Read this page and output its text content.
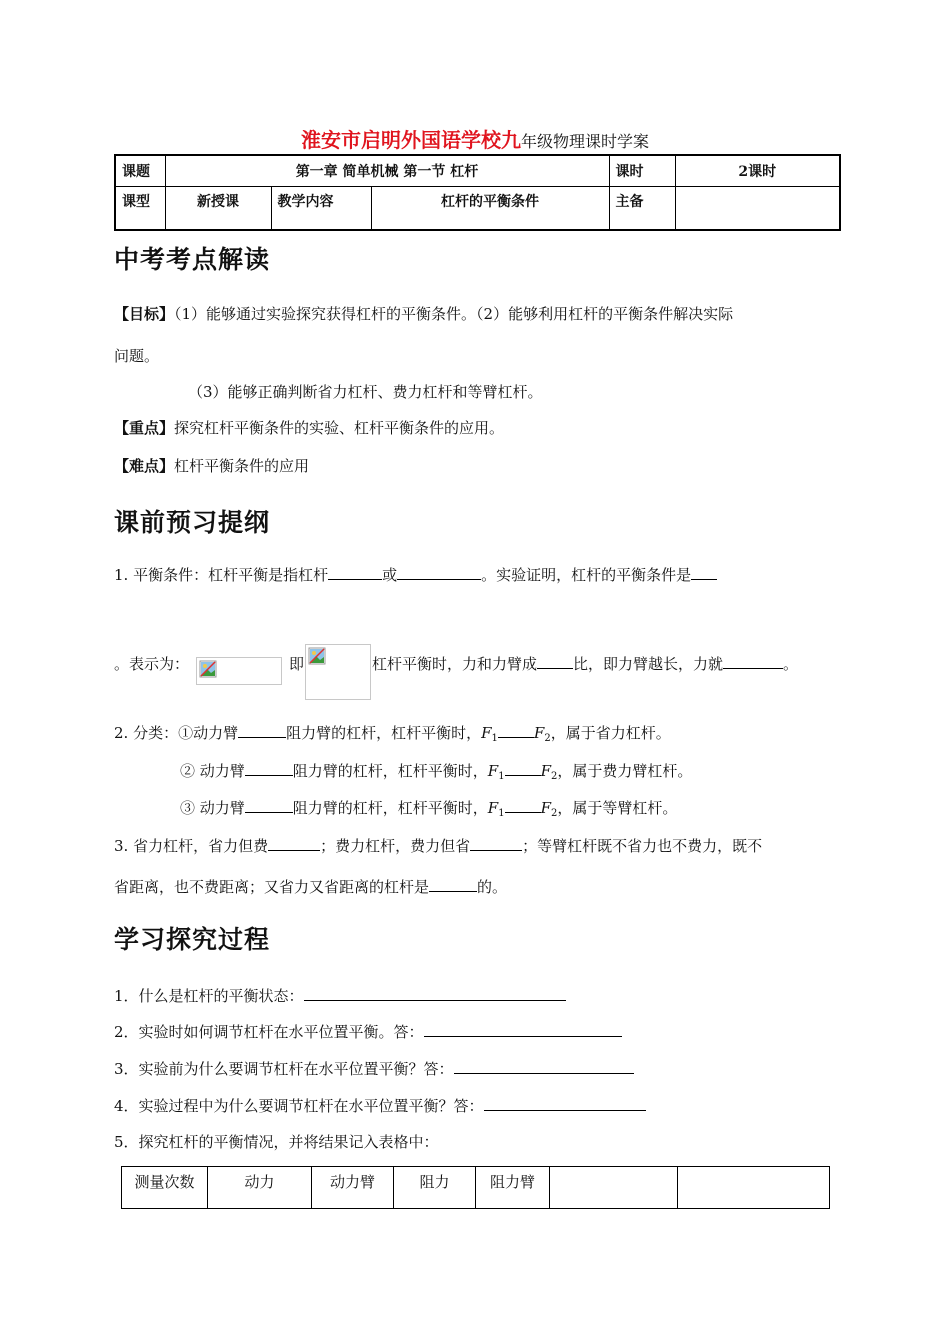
淮安市启明外国语学校九年级物理课时学案
课题	第一章 简单机械 第一节 杠杆			课时	2课时
课型	新授课	教学内容	杠杆的平衡条件	主备	
中考考点解读
【目标】（1）能够通过实验探究获得杠杆的平衡条件。（2）能够利用杠杆的平衡条件解决实际
问题。
（3）能够正确判断省力杠杆、费力杠杆和等臂杠杆。
【重点】探究杠杆平衡条件的实验、杠杆平衡条件的应用。
【难点】杠杆平衡条件的应用
课前预习提纲
1. 平衡条件：杠杆平衡是指杠杆	或	。实验证明，杠杆的平衡条件是
。表示为：	即	杠杆平衡时，力和力臂成 比，即力臂越长，力就	。
2. 分类：①动力臂	阻力臂的杠杆，杠杆平衡时，$F_1$ $F_2$，属于省力杠杆。
② 动力臂	阻力臂的杠杆，杠杆平衡时，$F_1$ $F_2$，属于费力臂杠杆。
③ 动力臂	阻力臂的杠杆，杠杆平衡时，$F_1$ $F_2$，属于等臂杠杆。
3. 省力杠杆，省力但费	；费力杠杆，费力但省	；等臂杠杆既不省力也不费力，既不
省距离，也不费距离；又省力又省距离的杠杆是	的。
学习探究过程
1．什么是杠杆的平衡状态：
2．实验时如何调节杠杆在水平位置平衡。答：
3．实验前为什么要调节杠杆在水平位置平衡？答：
4．实验过程中为什么要调节杠杆在水平位置平衡？答：
5．探究杠杆的平衡情况，并将结果记入表格中：
测量次数	动力	动力臂	阻力	阻力臂		
